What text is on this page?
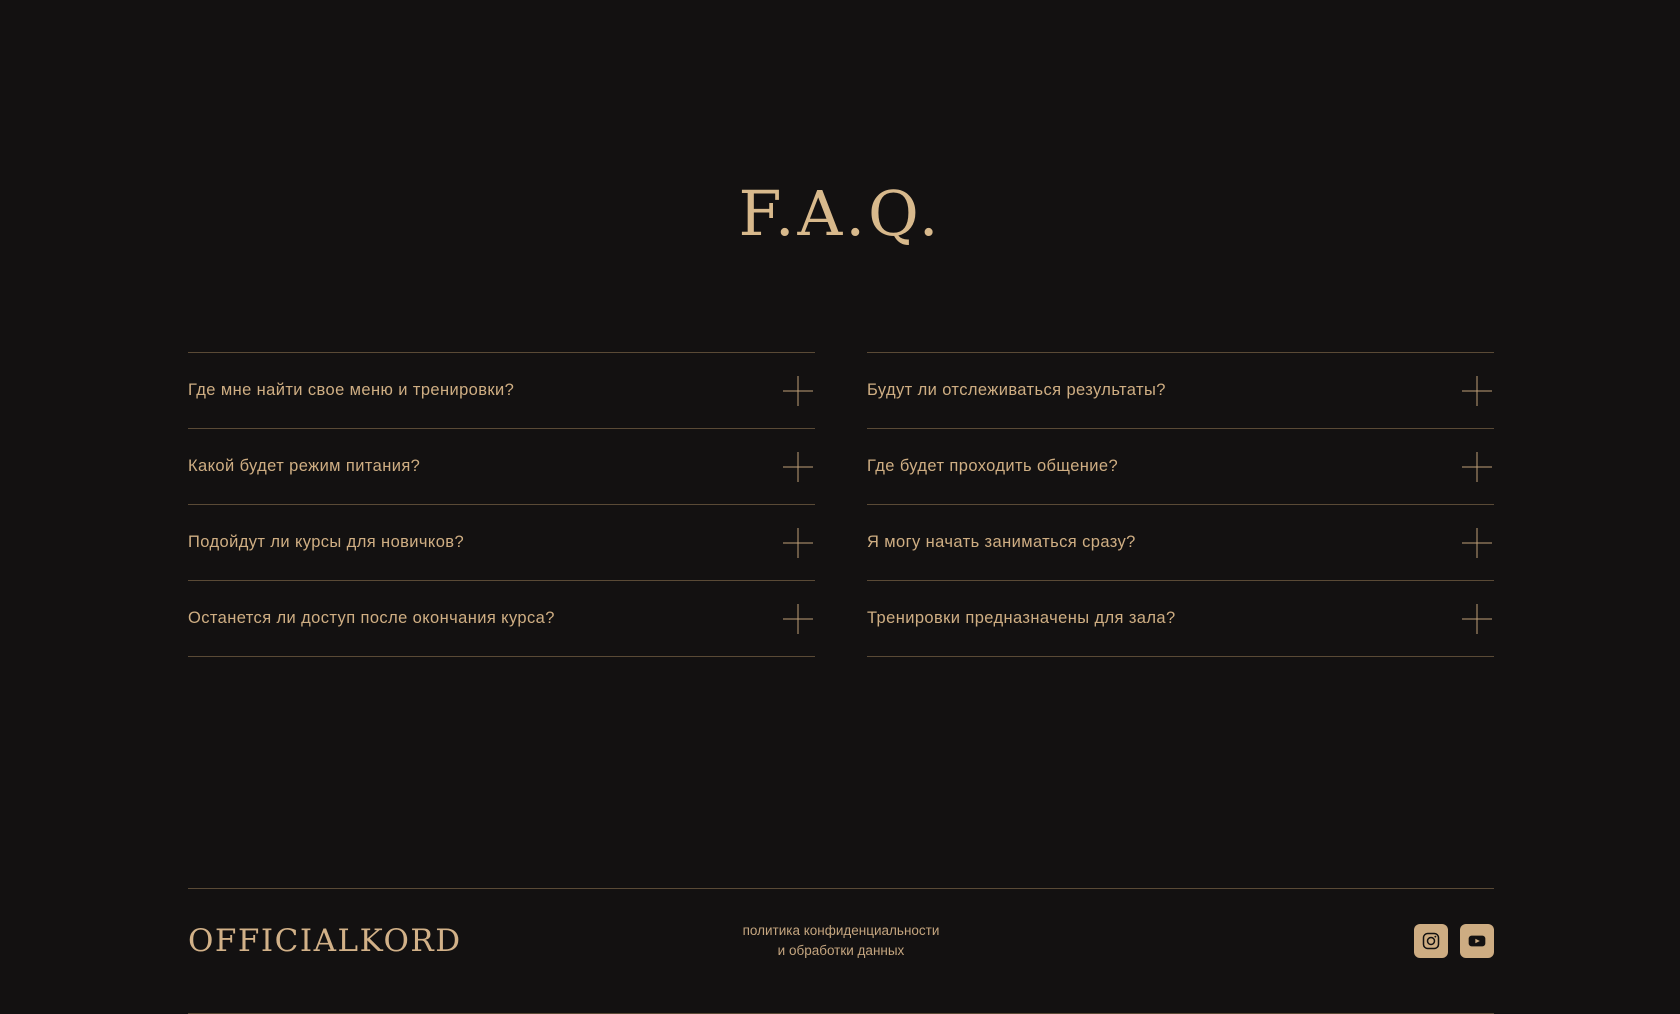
F.A.Q.
Где мне найти свое меню и тренировки?
Какой будет режим питания?
Подойдут ли курсы для новичков?
Останется ли доступ после окончания курса?
Будут ли отслеживаться результаты?
Где будет проходить общение?
Я могу начать заниматься сразу?
Тренировки предназначены для зала?
OFFICIALKORD	политика конфиденциальности
и обработки данных
